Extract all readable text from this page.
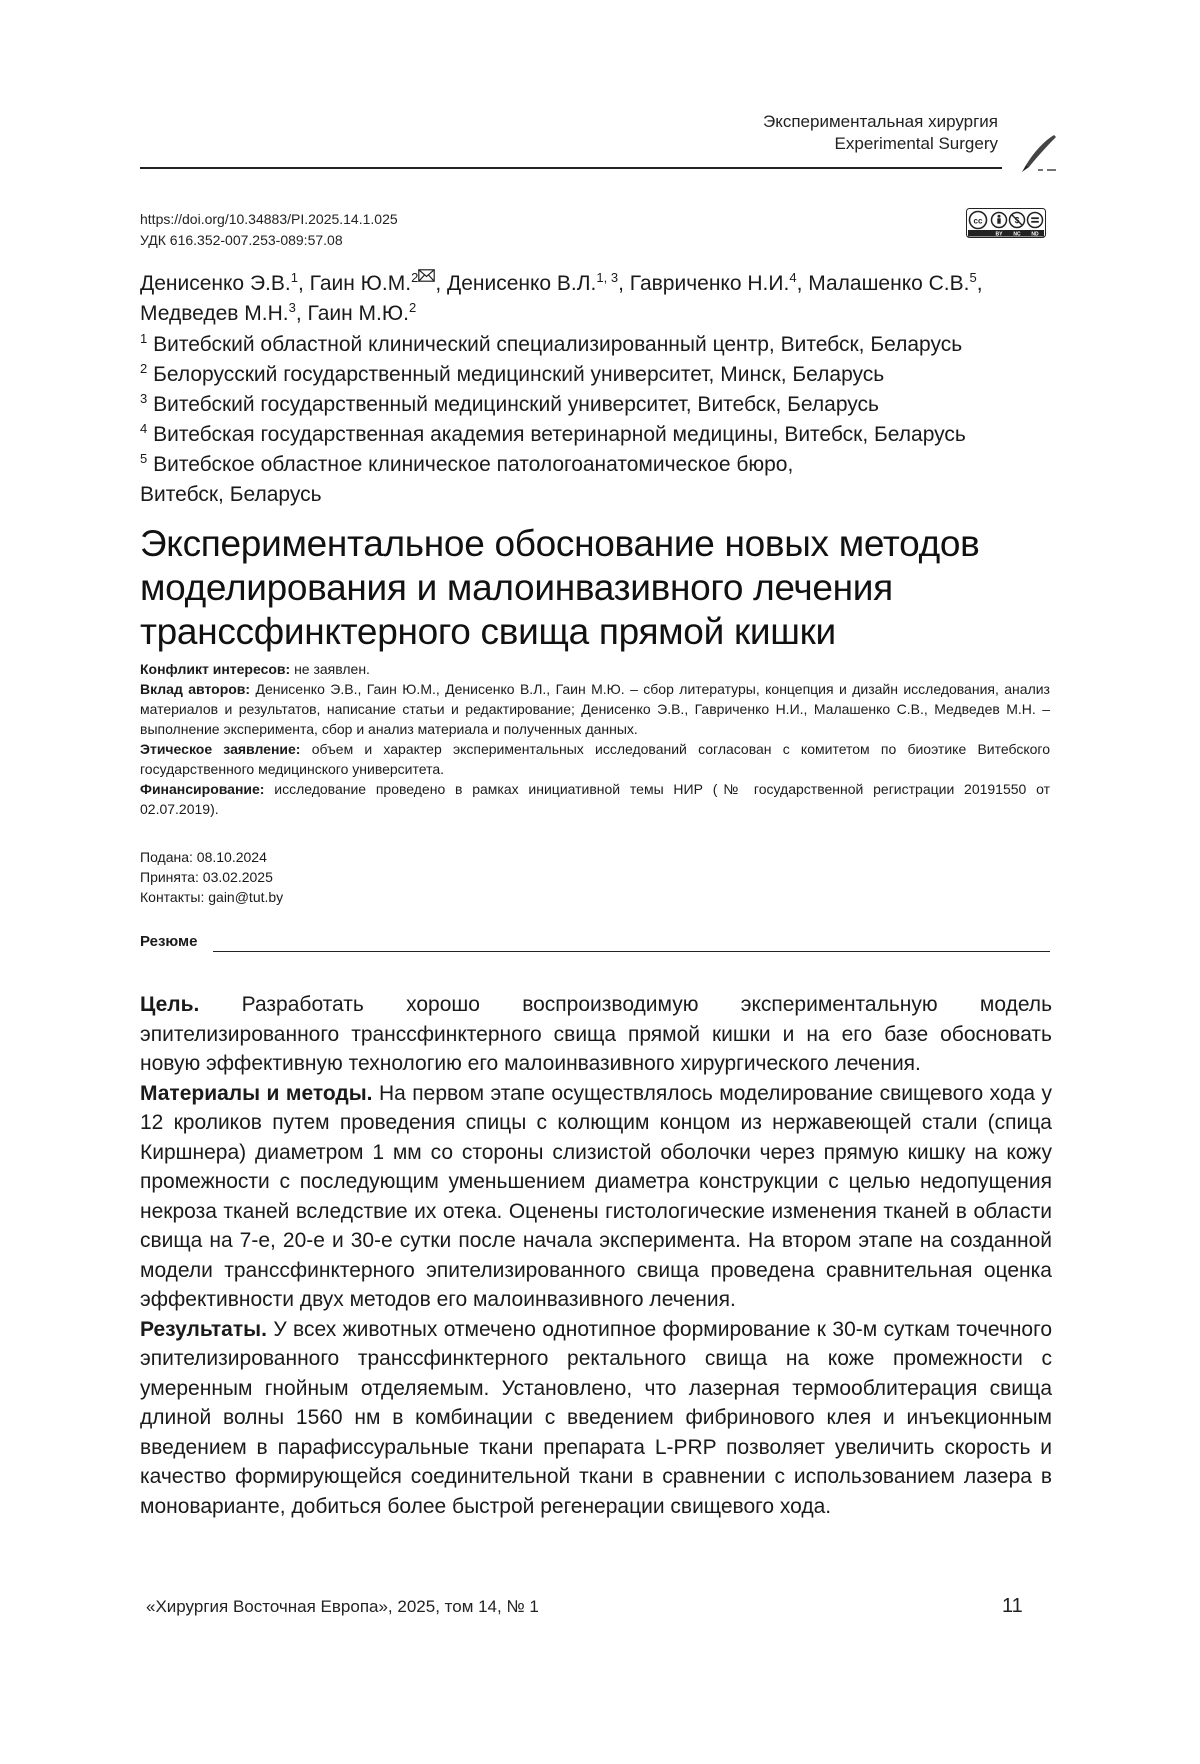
Экспериментальная хирургия
Experimental Surgery
https://doi.org/10.34883/PI.2025.14.1.025
УДК 616.352-007.253-089:57.08
cc
BY NC ND
Денисенко Э.В.1, Гаин Ю.М.2 , Денисенко В.Л.1, 3, Гавриченко Н.И.4, Малашенко С.В.5, Медведев М.Н.3, Гаин М.Ю.2

1 Витебский областной клинический специализированный центр, Витебск, Беларусь

2 Белорусский государственный медицинский университет, Минск, Беларусь

3 Витебский государственный медицинский университет, Витебск, Беларусь

4 Витебская государственная академия ветеринарной медицины, Витебск, Беларусь

5 Витебское областное клиническое патологоанатомическое бюро, Витебск, Беларусь

Экспериментальное обоснование новых методов моделирования и малоинвазивного лечения транссфинктерного свища прямой кишки

Конфликт интересов: не заявлен.

Вклад авторов: Денисенко Э.В., Гаин Ю.М., Денисенко В.Л., Гаин М.Ю. – сбор литературы, концепция и дизайн исследования, анализ материалов и результатов, написание статьи и редактирование; Денисенко Э.В., Гавриченко Н.И., Малашенко С.В., Медведев М.Н. – выполнение эксперимента, сбор и анализ материала и полученных данных.

Этическое заявление: объем и характер экспериментальных исследований согласован с комитетом по биоэтике Витебского государственного медицинского университета.

Финансирование: исследование проведено в рамках инициативной темы НИР (№ государственной регистрации 20191550 от 02.07.2019).

Подана: 08.10.2024

Принята: 03.02.2025

Контакты: gain@tut.by

Резюме

Цель. Разработать хорошо воспроизводимую экспериментальную модель эпителизированного транссфинктерного свища прямой кишки и на его базе обосновать новую эффективную технологию его малоинвазивного хирургического лечения.

Материалы и методы. На первом этапе осуществлялось моделирование свищевого хода у 12 кроликов путем проведения спицы с колющим концом из нержавеющей стали (спица Киршнера) диаметром 1 мм со стороны слизистой оболочки через прямую кишку на кожу промежности с последующим уменьшением диаметра конструкции с целью недопущения некроза тканей вследствие их отека. Оценены гистологические изменения тканей в области свища на 7-е, 20-е и 30-е сутки после начала эксперимента. На втором этапе на созданной модели транссфинктерного эпителизированного свища проведена сравнительная оценка эффективности двух методов его малоинвазивного лечения.

Результаты. У всех животных отмечено однотипное формирование к 30-м суткам точечного эпителизированного транссфинктерного ректального свища на коже промежности с умеренным гнойным отделяемым. Установлено, что лазерная термооблитерация свища длиной волны 1560 нм в комбинации с введением фибринового клея и инъекционным введением в парафиссуральные ткани препарата L-PRP позволяет увеличить скорость и качество формирующейся соединительной ткани в сравнении с использованием лазера в моноварианте, добиться более быстрой регенерации свищевого хода.

«Хирургия Восточная Европа», 2025, том 14, № 1	11
